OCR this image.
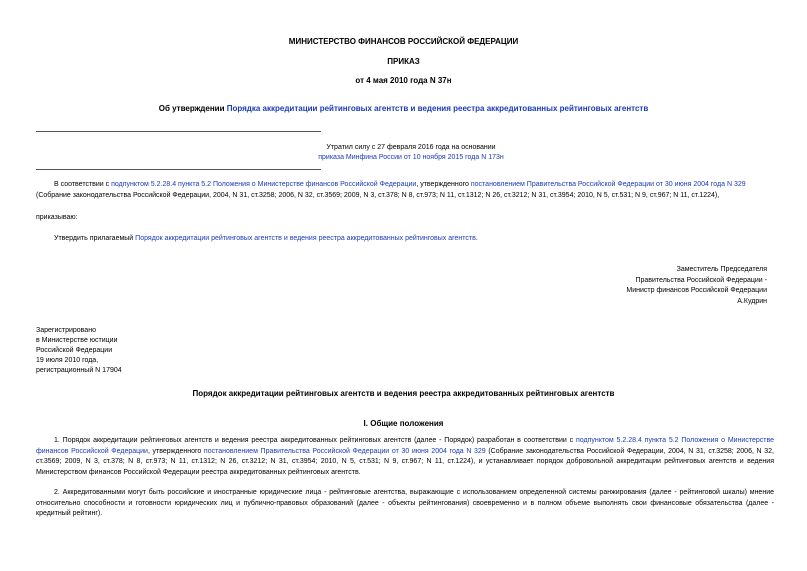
МИНИСТЕРСТВО ФИНАНСОВ РОССИЙСКОЙ ФЕДЕРАЦИИ
ПРИКАЗ
от 4 мая 2010 года N 37н
Об утверждении Порядка аккредитации рейтинговых агентств и ведения реестра аккредитованных рейтинговых агентств
Утратил силу с 27 февраля 2016 года на основании
приказа Минфина России от 10 ноября 2015 года N 173н
В соответствии с подпунктом 5.2.28.4 пункта 5.2 Положения о Министерстве финансов Российской Федерации, утвержденного постановлением Правительства Российской Федерации от 30 июня 2004 года N 329 (Собрание законодательства Российской Федерации, 2004, N 31, ст.3258; 2006, N 32, ст.3569; 2009, N 3, ст.378; N 8, ст.973; N 11, ст.1312; N 26, ст.3212; N 31, ст.3954; 2010, N 5, ст.531; N 9, ст.967; N 11, ст.1224),
приказываю:
Утвердить прилагаемый Порядок аккредитации рейтинговых агентств и ведения реестра аккредитованных рейтинговых агентств.
Заместитель Председателя
Правительства Российской Федерации -
Министр финансов Российской Федерации
А.Кудрин
Зарегистрировано
в Министерстве юстиции
Российской Федерации
19 июля 2010 года,
регистрационный N 17904
Порядок аккредитации рейтинговых агентств и ведения реестра аккредитованных рейтинговых агентств
I. Общие положения
1. Порядок аккредитации рейтинговых агентств и ведения реестра аккредитованных рейтинговых агентств (далее - Порядок) разработан в соответствии с подпунктом 5.2.28.4 пункта 5.2 Положения о Министерстве финансов Российской Федерации, утвержденного постановлением Правительства Российской Федерации от 30 июня 2004 года N 329 (Собрание законодательства Российской Федерации, 2004, N 31, ст.3258; 2006, N 32, ст.3569; 2009, N 3, ст.378; N 8, ст.973; N 11, ст.1312; N 26, ст.3212; N 31, ст.3954; 2010, N 5, ст.531; N 9, ст.967; N 11, ст.1224), и устанавливает порядок добровольной аккредитации рейтинговых агентств и ведения Министерством финансов Российской Федерации реестра аккредитованных рейтинговых агентств.
2. Аккредитованными могут быть российские и иностранные юридические лица - рейтинговые агентства, выражающие с использованием определенной системы ранжирования (далее - рейтинговой шкалы) мнение относительно способности и готовности юридических лиц и публично-правовых образований (далее - объекты рейтингования) своевременно и в полном объеме выполнять свои финансовые обязательства (далее - кредитный рейтинг).
